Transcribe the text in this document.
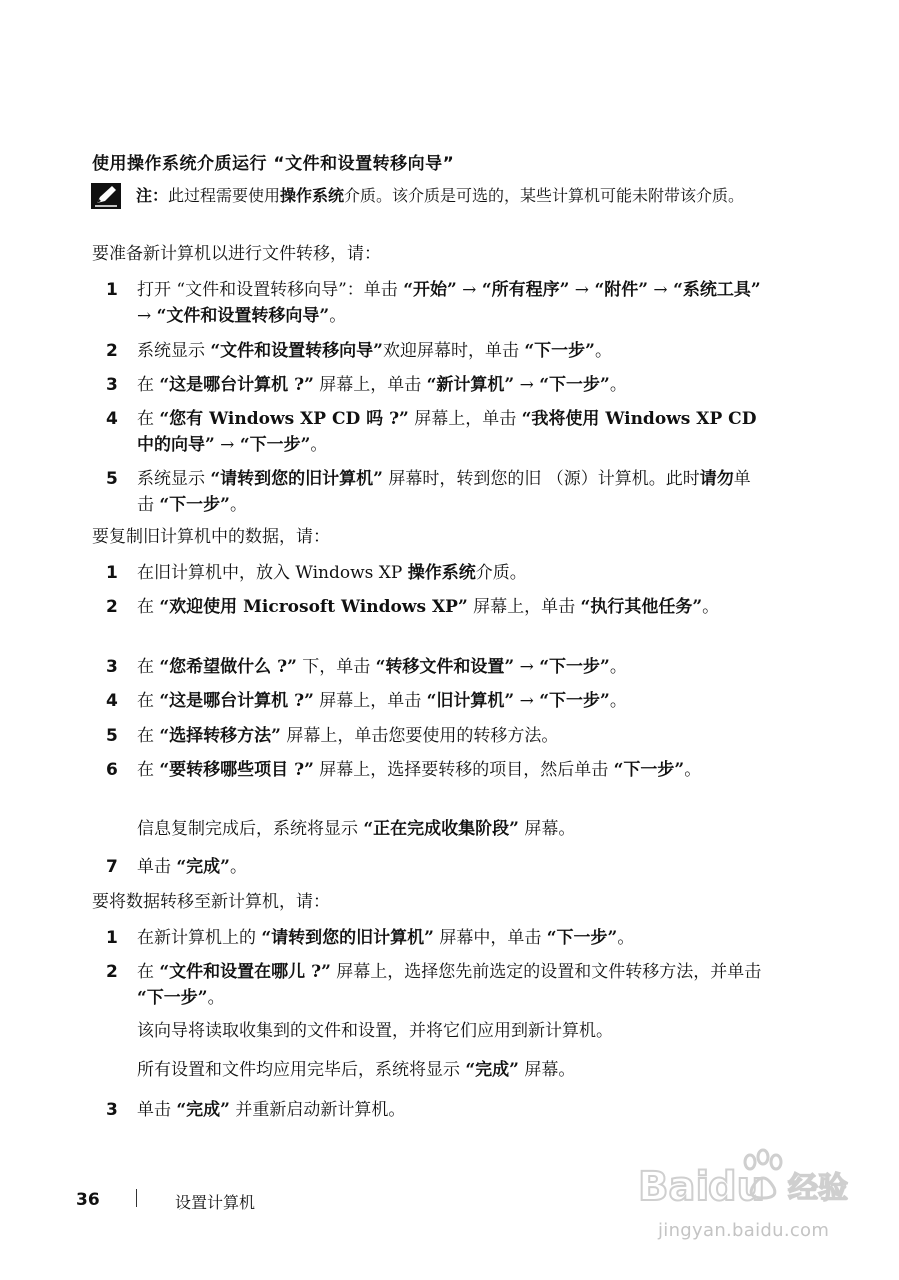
使用操作系统介质运行 “文件和设置转移向导”
注：此过程需要使用操作系统介质。该介质是可选的，某些计算机可能未附带该介质。
要准备新计算机以进行文件转移，请：
1 打开 “文件和设置转移向导”：单击 “开始” → “所有程序” → “附件” → “系统工具” → “文件和设置转移向导”。
2 系统显示 “文件和设置转移向导”欢迎屏幕时，单击 “下一步”。
3 在 “这是哪台计算机 ?” 屏幕上，单击 “新计算机” → “下一步”。
4 在 “您有 Windows XP CD 吗 ?” 屏幕上，单击 “我将使用 Windows XP CD 中的向导” → “下一步”。
5 系统显示 “请转到您的旧计算机” 屏幕时，转到您的旧 （源）计算机。此时请勿单击 “下一步”。
要复制旧计算机中的数据，请：
1 在旧计算机中，放入 Windows XP 操作系统介质。
2 在 “欢迎使用 Microsoft Windows XP” 屏幕上，单击 “执行其他任务”。
3 在 “您希望做什么 ?” 下，单击 “转移文件和设置” → “下一步”。
4 在 “这是哪台计算机 ?” 屏幕上，单击 “旧计算机” → “下一步”。
5 在 “选择转移方法” 屏幕上，单击您要使用的转移方法。
6 在 “要转移哪些项目 ?” 屏幕上，选择要转移的项目，然后单击 “下一步”。
信息复制完成后，系统将显示 “正在完成收集阶段” 屏幕。
7 单击 “完成”。
要将数据转移至新计算机，请：
1 在新计算机上的 “请转到您的旧计算机” 屏幕中，单击 “下一步”。
2 在 “文件和设置在哪儿 ?” 屏幕上，选择您先前选定的设置和文件转移方法，并单击 “下一步”。
该向导将读取收集到的文件和设置，并将它们应用到新计算机。
所有设置和文件均应用完毕后，系统将显示 “完成” 屏幕。
3 单击 “完成” 并重新启动新计算机。
36	设置计算机	Bai
du 经验
jingyan.baidu.com
